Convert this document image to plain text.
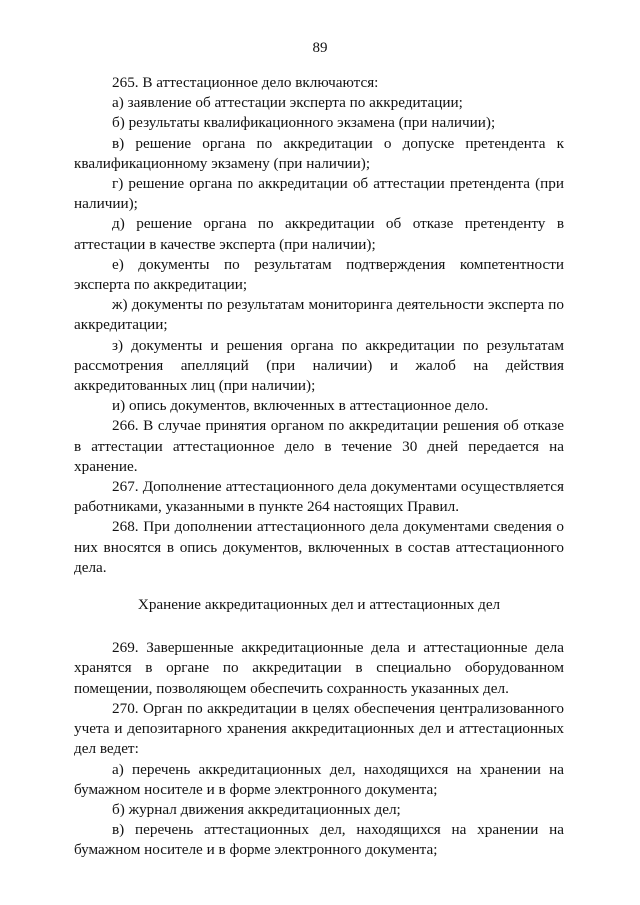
89

265. В аттестационное дело включаются:

а) заявление об аттестации эксперта по аккредитации;

б) результаты квалификационного экзамена (при наличии);

в) решение органа по аккредитации о допуске претендента к квалификационному экзамену (при наличии);

г) решение органа по аккредитации об аттестации претендента (при наличии);

д) решение органа по аккредитации об отказе претенденту в аттестации в качестве эксперта (при наличии);

е) документы по результатам подтверждения компетентности эксперта по аккредитации;

ж) документы по результатам мониторинга деятельности эксперта по аккредитации;

з) документы и решения органа по аккредитации по результатам рассмотрения апелляций (при наличии) и жалоб на действия аккредитованных лиц (при наличии);

и) опись документов, включенных в аттестационное дело.

266. В случае принятия органом по аккредитации решения об отказе в аттестации аттестационное дело в течение 30 дней передается на хранение.

267. Дополнение аттестационного дела документами осуществляется работниками, указанными в пункте 264 настоящих Правил.

268. При дополнении аттестационного дела документами сведения о них вносятся в опись документов, включенных в состав аттестационного дела.

Хранение аккредитационных дел и аттестационных дел

269. Завершенные аккредитационные дела и аттестационные дела хранятся в органе по аккредитации в специально оборудованном помещении, позволяющем обеспечить сохранность указанных дел.

270. Орган по аккредитации в целях обеспечения централизованного учета и депозитарного хранения аккредитационных дел и аттестационных дел ведет:

а) перечень аккредитационных дел, находящихся на хранении на бумажном носителе и в форме электронного документа;

б) журнал движения аккредитационных дел;

в) перечень аттестационных дел, находящихся на хранении на бумажном носителе и в форме электронного документа;
